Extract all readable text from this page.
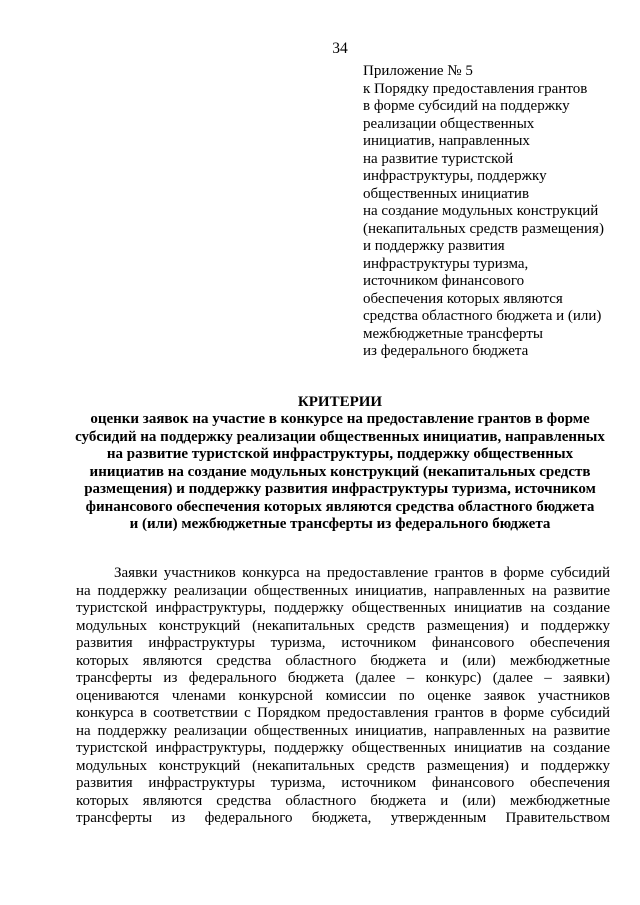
34
Приложение № 5
к Порядку предоставления грантов
в форме субсидий на поддержку
реализации общественных
инициатив, направленных
на развитие туристской
инфраструктуры, поддержку
общественных инициатив
на создание модульных конструкций
(некапитальных средств размещения)
и поддержку развития
инфраструктуры туризма,
источником финансового
обеспечения которых являются
средства областного бюджета и (или)
межбюджетные трансферты
из федерального бюджета
КРИТЕРИИ
оценки заявок на участие в конкурсе на предоставление грантов в форме
субсидий на поддержку реализации общественных инициатив, направленных
на развитие туристской инфраструктуры, поддержку общественных
инициатив на создание модульных конструкций (некапитальных средств
размещения) и поддержку развития инфраструктуры туризма, источником
финансового обеспечения которых являются средства областного бюджета
и (или) межбюджетные трансферты из федерального бюджета
Заявки участников конкурса на предоставление грантов в форме субсидий
на поддержку реализации общественных инициатив, направленных на развитие
туристской инфраструктуры, поддержку общественных инициатив на создание
модульных конструкций (некапитальных средств размещения) и поддержку
развития инфраструктуры туризма, источником финансового обеспечения
которых являются средства областного бюджета и (или) межбюджетные
трансферты из федерального бюджета (далее – конкурс) (далее – заявки)
оцениваются членами конкурсной комиссии по оценке заявок участников
конкурса в соответствии с Порядком предоставления грантов в форме субсидий
на поддержку реализации общественных инициатив, направленных на развитие
туристской инфраструктуры, поддержку общественных инициатив на создание
модульных конструкций (некапитальных средств размещения) и поддержку
развития инфраструктуры туризма, источником финансового обеспечения
которых являются средства областного бюджета и (или) межбюджетные
трансферты из федерального бюджета, утвержденным Правительством
